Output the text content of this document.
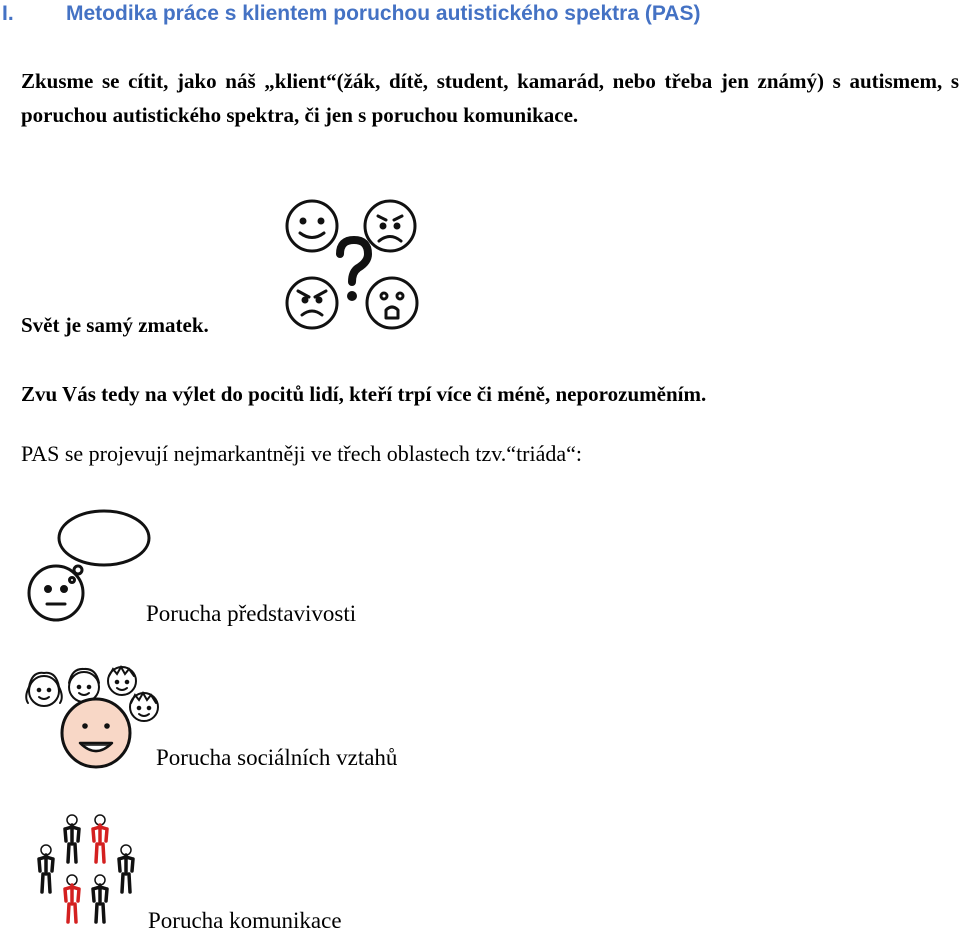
I. Metodika práce s klientem poruchou autistického spektra (PAS)
Zkusme se cítit, jako náš „klient“(žák, dítě, student, kamarád, nebo třeba jen známý) s autismem, s poruchou autistického spektra, či jen s poruchou komunikace.
Svět je samý zmatek.
Zvu Vás tedy na výlet do pocitů lidí, kteří trpí více či méně, neporozuměním.
PAS se projevují nejmarkantněji ve třech oblastech tzv.“triáda“:
Porucha představivosti
Porucha sociálních vztahů
Porucha komunikace
